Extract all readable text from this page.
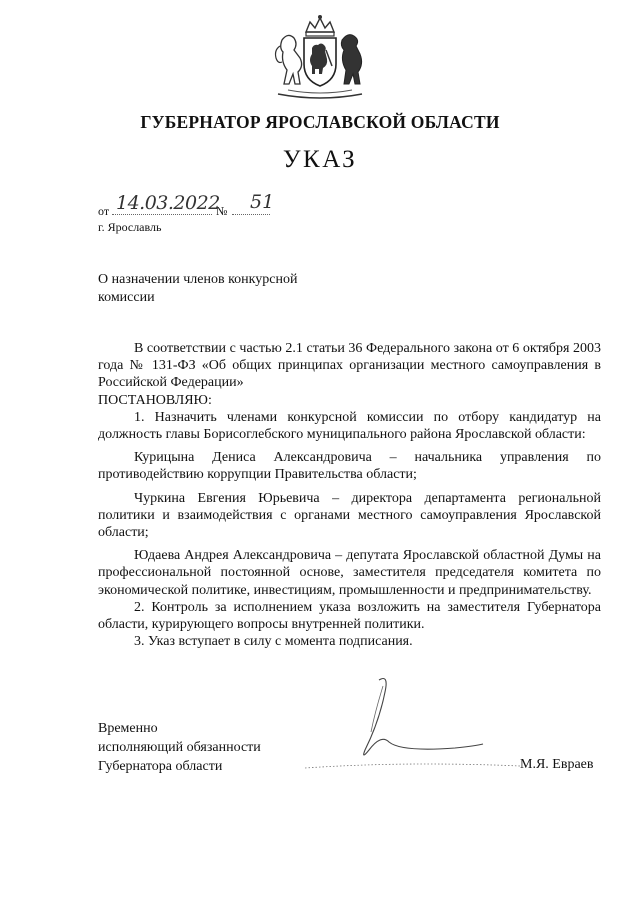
ГУБЕРНАТОР ЯРОСЛАВСКОЙ ОБЛАСТИ
УКАЗ
от 14.03.2022
№ 51
г. Ярославль
О назначении членов конкурсной
комиссии
В соответствии с частью 2.1 статьи 36 Федерального закона от 6 октября 2003 года № 131-ФЗ «Об общих принципах организации местного самоуправления в Российской Федерации»
ПОСТАНОВЛЯЮ:
1. Назначить членами конкурсной комиссии по отбору кандидатур на должность главы Борисоглебского муниципального района Ярославской области:
Курицына Дениса Александровича – начальника управления по противодействию коррупции Правительства области;
Чуркина Евгения Юрьевича – директора департамента региональной политики и взаимодействия с органами местного самоуправления Ярославской области;
Юдаева Андрея Александровича – депутата Ярославской областной Думы на профессиональной постоянной основе, заместителя председателя комитета по экономической политике, инвестициям, промышленности и предпринимательству.
2. Контроль за исполнением указа возложить на заместителя Губернатора области, курирующего вопросы внутренней политики.
3. Указ вступает в силу с момента подписания.
Временно
исполняющий обязанности
Губернатора области	М.Я. Евраев
